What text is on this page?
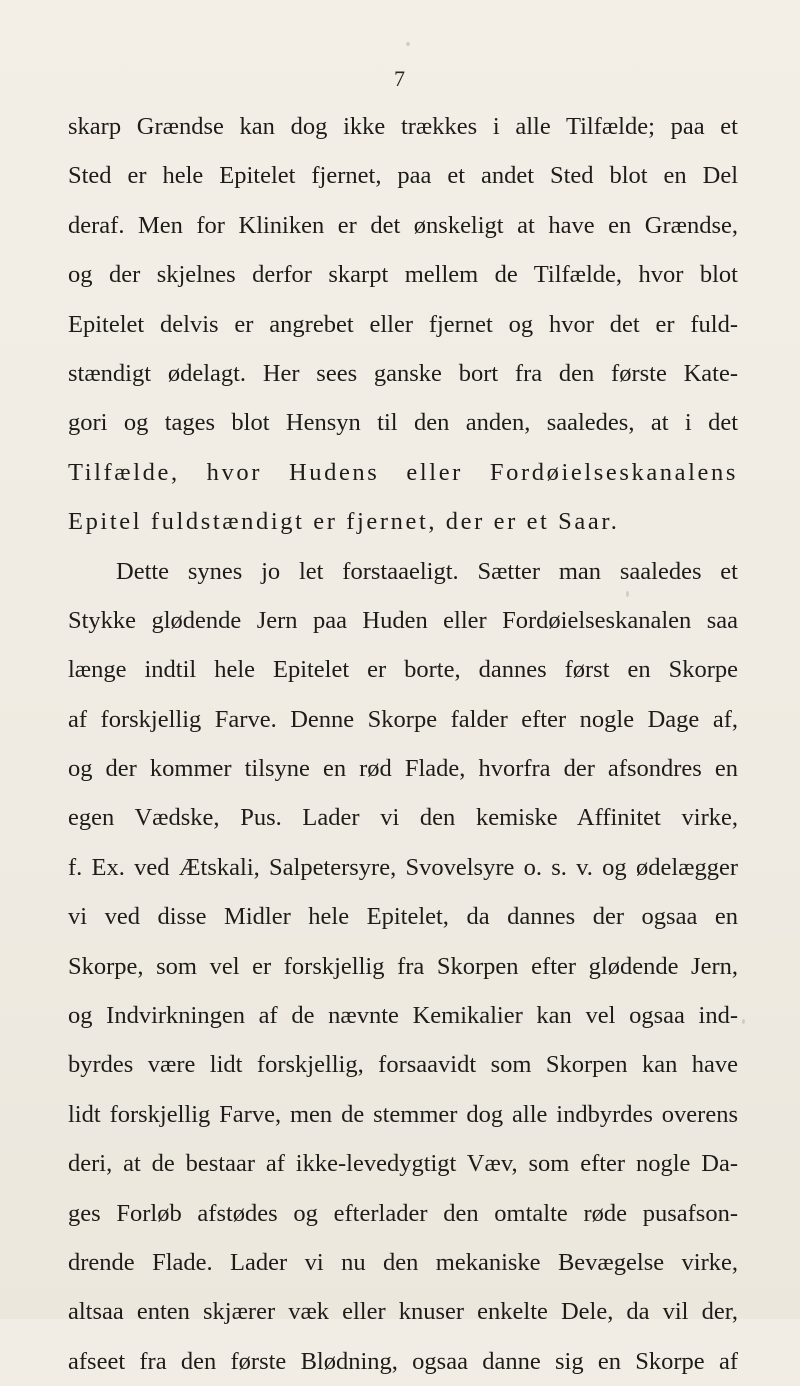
7
skarp Grændse kan dog ikke trækkes i alle Tilfælde; paa et
Sted er hele Epitelet fjernet, paa et andet Sted blot en Del
deraf. Men for Kliniken er det ønskeligt at have en Grændse,
og der skjelnes derfor skarpt mellem de Tilfælde, hvor blot
Epitelet delvis er angrebet eller fjernet og hvor det er fuld-
stændigt ødelagt. Her sees ganske bort fra den første Kate-
gori og tages blot Hensyn til den anden, saaledes, at i det
Tilfælde, hvor Hudens eller Fordøielseskanalens
Epitel fuldstændigt er fjernet, der er et Saar.
Dette synes jo let forstaaeligt. Sætter man saaledes et
Stykke glødende Jern paa Huden eller Fordøielseskanalen saa
længe indtil hele Epitelet er borte, dannes først en Skorpe
af forskjellig Farve. Denne Skorpe falder efter nogle Dage af,
og der kommer tilsyne en rød Flade, hvorfra der afsondres en
egen Vædske, Pus. Lader vi den kemiske Affinitet virke,
f. Ex. ved Ætskali, Salpetersyre, Svovelsyre o. s. v. og ødelægger
vi ved disse Midler hele Epitelet, da dannes der ogsaa en
Skorpe, som vel er forskjellig fra Skorpen efter glødende Jern,
og Indvirkningen af de nævnte Kemikalier kan vel ogsaa ind-
byrdes være lidt forskjellig, forsaavidt som Skorpen kan have
lidt forskjellig Farve, men de stemmer dog alle indbyrdes overens
deri, at de bestaar af ikke-levedygtigt Væv, som efter nogle Da-
ges Forløb afstødes og efterlader den omtalte røde pusafson-
drende Flade. Lader vi nu den mekaniske Bevægelse virke,
altsaa enten skjærer væk eller knuser enkelte Dele, da vil der,
afseet fra den første Blødning, ogsaa danne sig en Skorpe af
